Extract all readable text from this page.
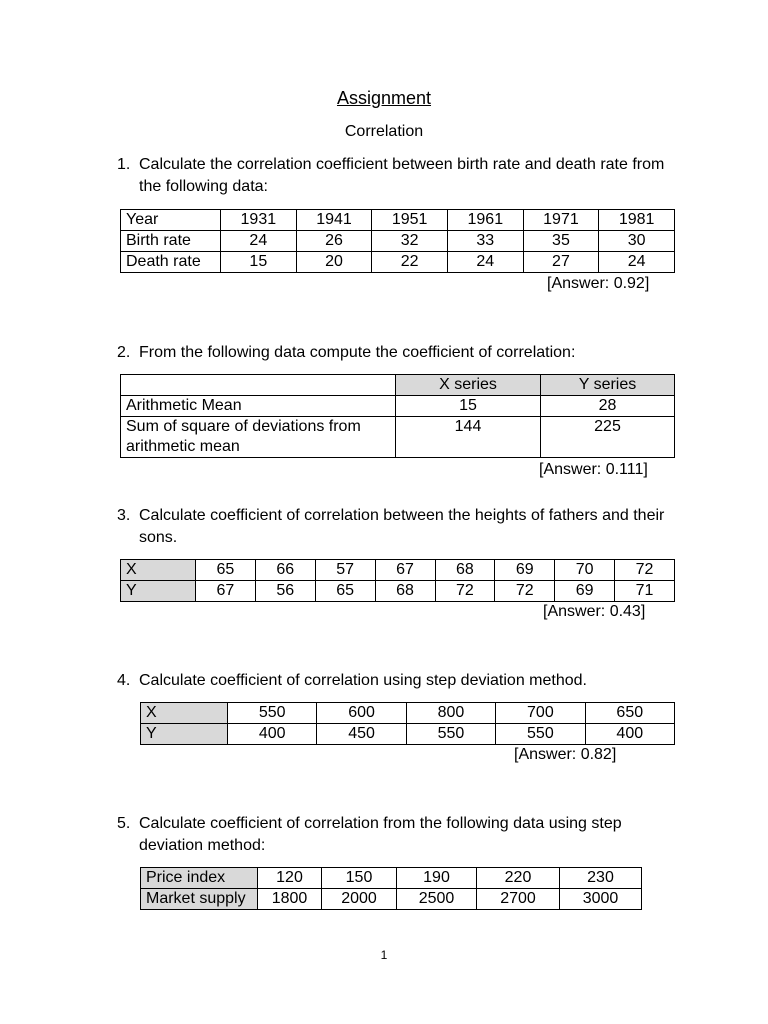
Assignment
Correlation
1. Calculate the correlation coefficient between birth rate and death rate from the following data:
Year	1931	1941	1951	1961	1971	1981
Birth rate	24	26	32	33	35	30
Death rate	15	20	22	24	27	24
[Answer: 0.92]
2. From the following data compute the coefficient of correlation:
	X series	Y series
Arithmetic Mean	15	28
Sum of square of deviations from arithmetic mean	144	225
[Answer: 0.111]
3. Calculate coefficient of correlation between the heights of fathers and their sons.
X	65	66	57	67	68	69	70	72
Y	67	56	65	68	72	72	69	71
[Answer: 0.43]
4. Calculate coefficient of correlation using step deviation method.
X	550	600	800	700	650
Y	400	450	550	550	400
[Answer: 0.82]
5. Calculate coefficient of correlation from the following data using step deviation method:
Price index	120	150	190	220	230
Market supply	1800	2000	2500	2700	3000
1
